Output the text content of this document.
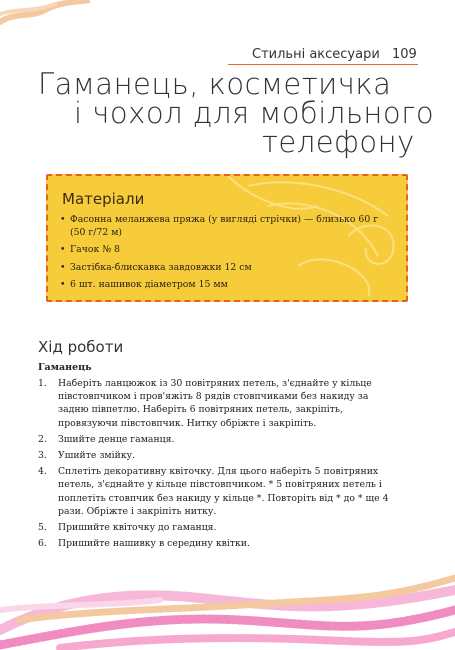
Стильні аксесуари 109
Гаманець, косметичка
і чохол для мобільного
телефону
Матеріали
• Фасонна меланжева пряжа (у вигляді стрічки) — близько 60 г (50 г/72 м)
• Гачок № 8
• Застібка-блискавка завдовжки 12 см
• 6 шт. нашивок діаметром 15 мм
Хід роботи
Гаманець
1. Наберіть ланцюжок із 30 повітряних петель, з'єднайте у кільце півстовпчиком і пров'яжіть 8 рядів стовпчиками без накиду за задню півпетлю. Наберіть 6 повітряних петель, закріпіть, провязуючи півстовпчик. Нитку обріжте і закріпіть.
2. Зшийте денце гаманця.
3. Ушийте змійку.
4. Сплетіть декоративну квіточку. Для цього наберіть 5 повітряних петель, з'єднайте у кільце півстовпчиком. * 5 повітряних петель і поплетіть стовпчик без накиду у кільце *. Повторіть від * до * ще 4 рази. Обріжте і закріпіть нитку.
5. Пришийте квіточку до гаманця.
6. Пришийте нашивку в середину квітки.
